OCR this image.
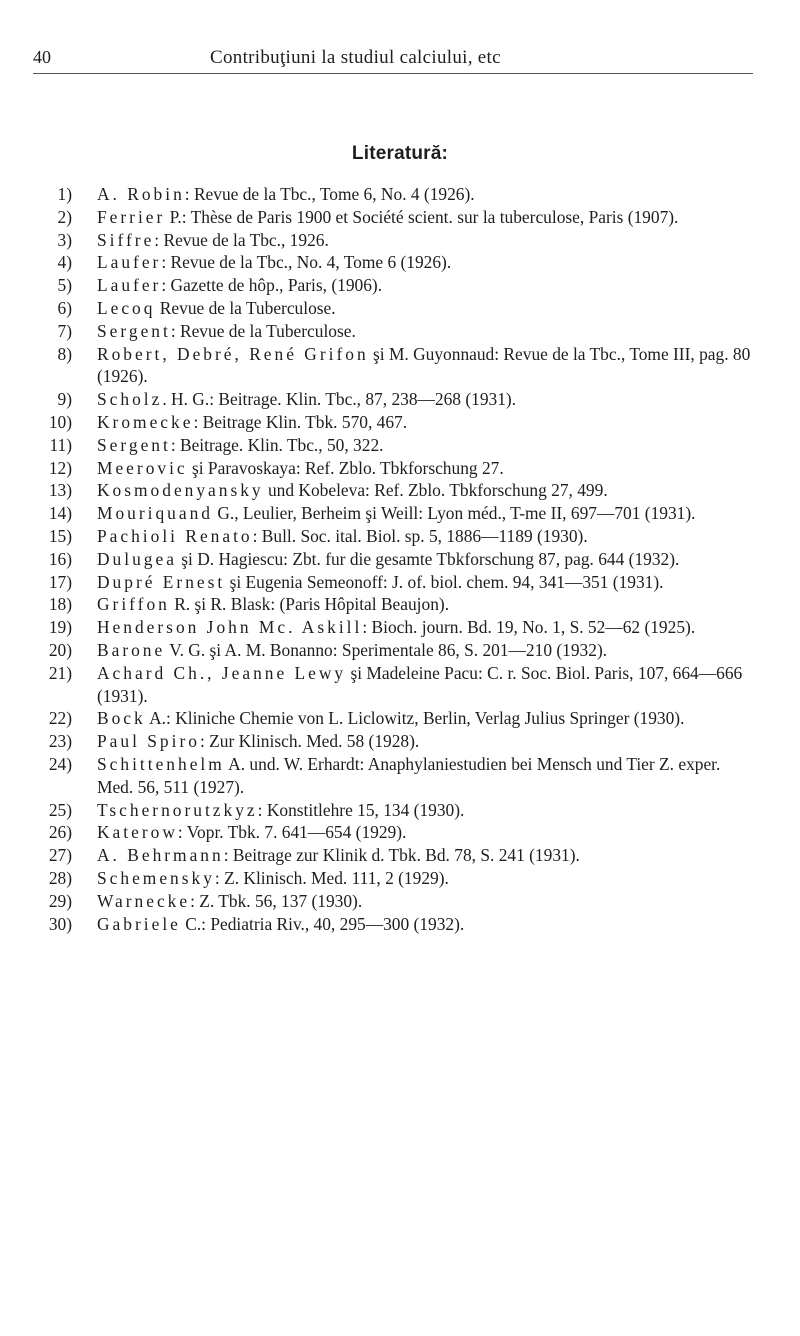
40	Contribuţiuni la studiul calciului, etc
Literatură:
1) A. Robin: Revue de la Tbc., Tome 6, No. 4 (1926).
2) Ferrier P.: Thèse de Paris 1900 et Société scient. sur la tuberculose, Paris (1907).
3) Siffre: Revue de la Tbc., 1926.
4) Laufer: Revue de la Tbc., No. 4, Tome 6 (1926).
5) Laufer: Gazette de hôp., Paris, (1906).
6) Lecoq Revue de la Tuberculose.
7) Sergent: Revue de la Tuberculose.
8) Robert, Debré, René Grifon şi M. Guyonnaud: Revue de la Tbc., Tome III, pag. 80 (1926).
9) Scholz. H. G.: Beitrage. Klin. Tbc., 87, 238—268 (1931).
10) Kromecke: Beitrage Klin. Tbk. 570, 467.
11) Sergent: Beitrage. Klin. Tbc., 50, 322.
12) Meerovic şi Paravoskaya: Ref. Zblo. Tbkforschung 27.
13) Kosmodenyansky und Kobeleva: Ref. Zblo. Tbkforschung 27, 499.
14) Mouriquand G., Leulier, Berheim şi Weill: Lyon méd., T-me II, 697—701 (1931).
15) Pachioli Renato: Bull. Soc. ital. Biol. sp. 5, 1886—1189 (1930).
16) Dulugea şi D. Hagiescu: Zbt. fur die gesamte Tbkforschung 87, pag. 644 (1932).
17) Dupré Ernest şi Eugenia Semeonoff: J. of. biol. chem. 94, 341—351 (1931).
18) Griffon R. şi R. Blask: (Paris Hôpital Beaujon).
19) Henderson John Mc. Askill: Bioch. journ. Bd. 19, No. 1, S. 52—62 (1925).
20) Barone V. G. şi A. M. Bonanno: Sperimentale 86, S. 201—210 (1932).
21) Achard Ch., Jeanne Lewy şi Madeleine Pacu: C. r. Soc. Biol. Paris, 107, 664—666 (1931).
22) Bock A.: Kliniche Chemie von L. Liclowitz, Berlin, Verlag Julius Springer (1930).
23) Paul Spiro: Zur Klinisch. Med. 58 (1928).
24) Schittenhelm A. und. W. Erhardt: Anaphylaniestudien bei Mensch und Tier Z. exper. Med. 56, 511 (1927).
25) Tschernorutzkyz: Konstitlehre 15, 134 (1930).
26) Katerow: Vopr. Tbk. 7. 641—654 (1929).
27) A. Behrmann: Beitrage zur Klinik d. Tbk. Bd. 78, S. 241 (1931).
28) Schemensky: Z. Klinisch. Med. 111, 2 (1929).
29) Warnecke: Z. Tbk. 56, 137 (1930).
30) Gabriele C.: Pediatria Riv., 40, 295—300 (1932).
